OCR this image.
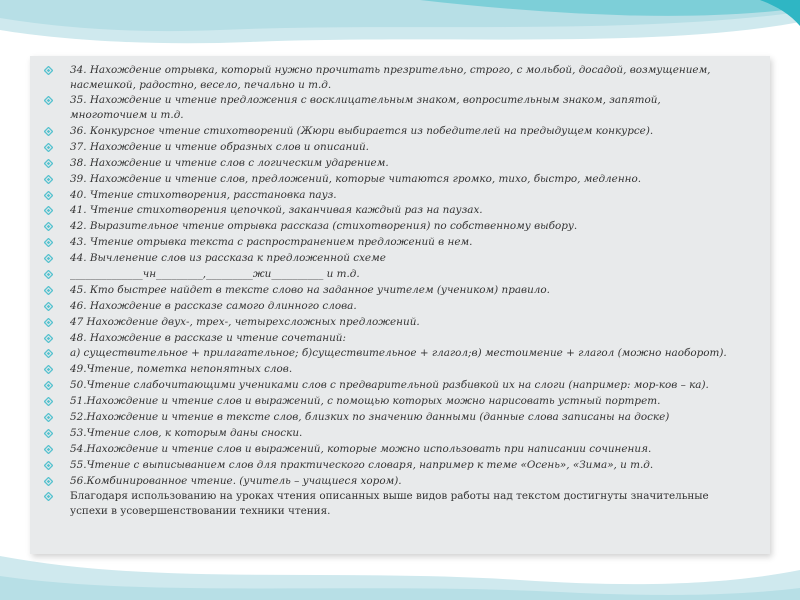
34. Нахождение отрывка, который нужно прочитать презрительно, строго, с мольбой, досадой, возмущением, насмешкой, радостно, весело, печально и т.д.
35. Нахождение и чтение предложения с восклицательным знаком, вопросительным знаком, запятой, многоточием и т.д.
36. Конкурсное чтение стихотворений (Жюри выбирается из победителей на предыдущем конкурсе).
37. Нахождение и чтение образных слов и описаний.
38. Нахождение и чтение слов с логическим ударением.
39. Нахождение и чтение слов, предложений, которые читаются громко, тихо, быстро, медленно.
40. Чтение стихотворения, расстановка пауз.
41. Чтение стихотворения цепочкой, заканчивая каждый раз на паузах.
42. Выразительное чтение отрывка рассказа (стихотворения) по собственному выбору.
43. Чтение отрывка текста с распространением предложений в нем.
44. Вычленение слов из рассказа к предложенной схеме
______________чн_________,_________жи__________ и т.д.
45. Кто быстрее найдет в тексте слово на заданное учителем (учеником) правило.
46. Нахождение в рассказе самого длинного слова.
47 Нахождение двух-, трех-, четырехсложных предложений.
48. Нахождение в рассказе и чтение сочетаний:
а) существительное + прилагательное; б)существительное + глагол;в) местоимение + глагол (можно наоборот).
49.Чтение, пометка непонятных слов.
50.Чтение слабочитающими учениками слов с предварительной разбивкой их на слоги (например: мор-ков – ка).
51.Нахождение и чтение слов и выражений, с помощью которых можно нарисовать устный портрет.
52.Нахождение и чтение в тексте слов, близких по значению данными (данные слова записаны на доске)
53.Чтение слов, к которым даны сноски.
54.Нахождение и чтение слов и выражений, которые можно использовать при написании сочинения.
55.Чтение с выписыванием слов для практического словаря, например к теме «Осень», «Зима», и т.д.
56.Комбинированное чтение. (учитель – учащиеся хором).
Благодаря использованию на уроках чтения описанных выше видов работы над текстом достигнуты значительные успехи в усовершенствовании техники чтения.
